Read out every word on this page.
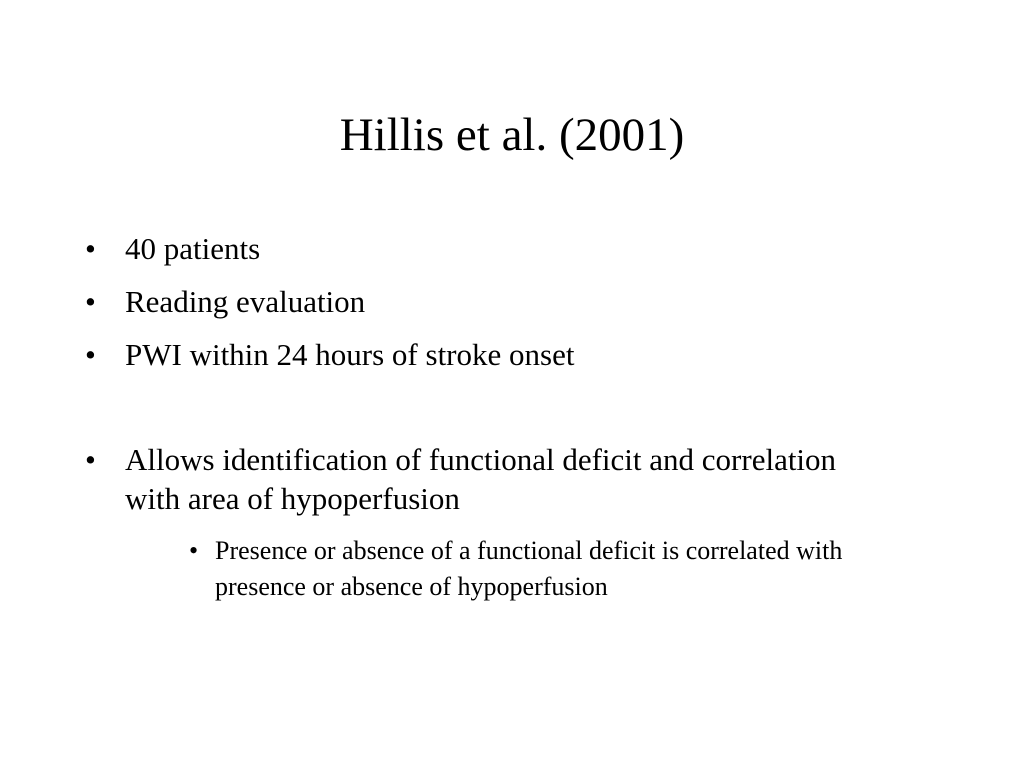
Hillis et al. (2001)
• 40 patients
• Reading evaluation
• PWI within 24 hours of stroke onset
• Allows identification of functional deficit and correlation with area of hypoperfusion
• Presence or absence of a functional deficit is correlated with presence or absence of hypoperfusion
